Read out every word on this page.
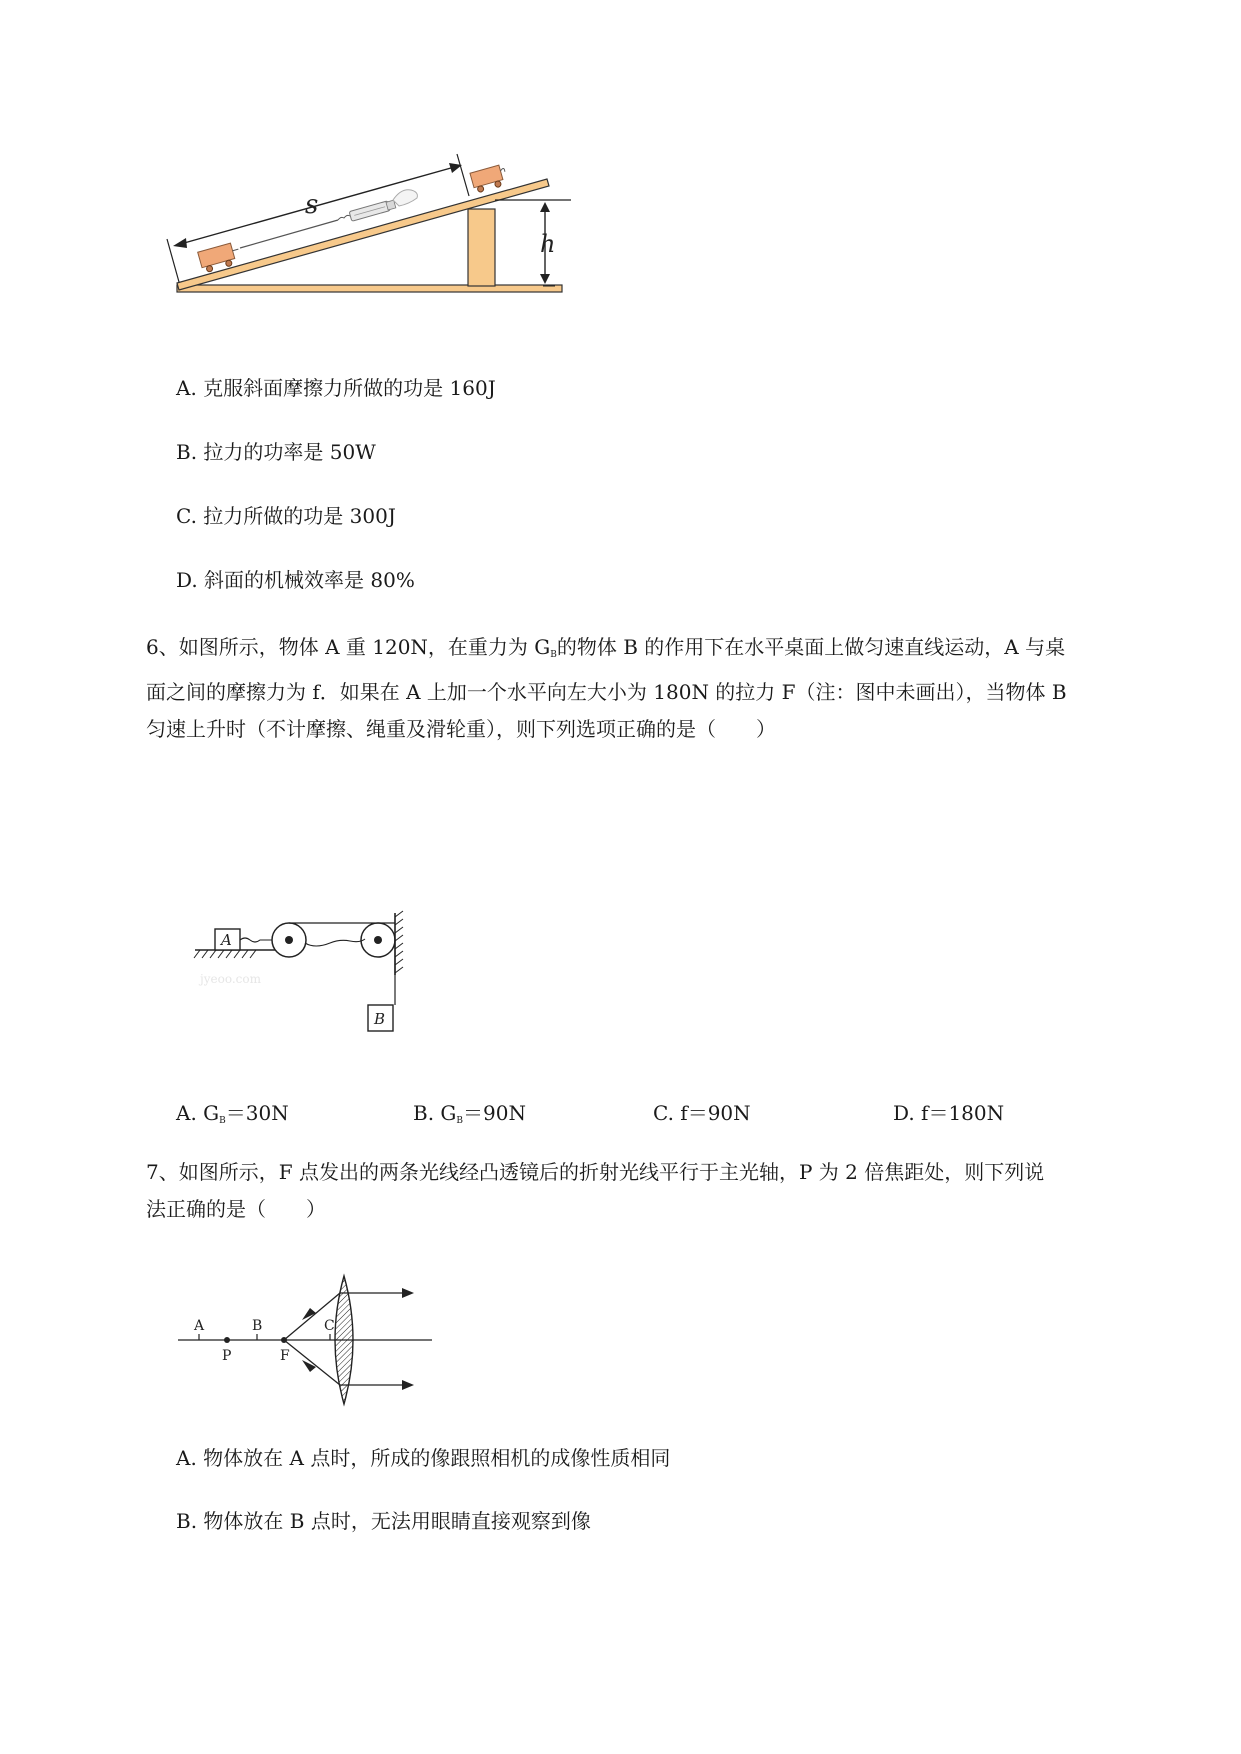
h
s
A. 克服斜面摩擦力所做的功是 160J
B. 拉力的功率是 50W
C. 拉力所做的功是 300J
D. 斜面的机械效率是 80%
6、如图所示，物体 A 重 120N，在重力为 $G_B$的物体 B 的作用下在水平桌面上做匀速直线运动，A 与桌
面之间的摩擦力为 f．如果在 A 上加一个水平向左大小为 180N 的拉力 F（注：图中未画出），当物体 B
匀速上升时（不计摩擦、绳重及滑轮重），则下列选项正确的是（　　）
A
B
jyeoo.com
A. $G_B=30N$	B. $G_B=90N$	C. f＝90N	D. f＝180N
7、如图所示，F 点发出的两条光线经凸透镜后的折射光线平行于主光轴，P 为 2 倍焦距处，则下列说
法正确的是（　　）
A	B	C
P	F
A. 物体放在 A 点时，所成的像跟照相机的成像性质相同
B. 物体放在 B 点时，无法用眼睛直接观察到像
